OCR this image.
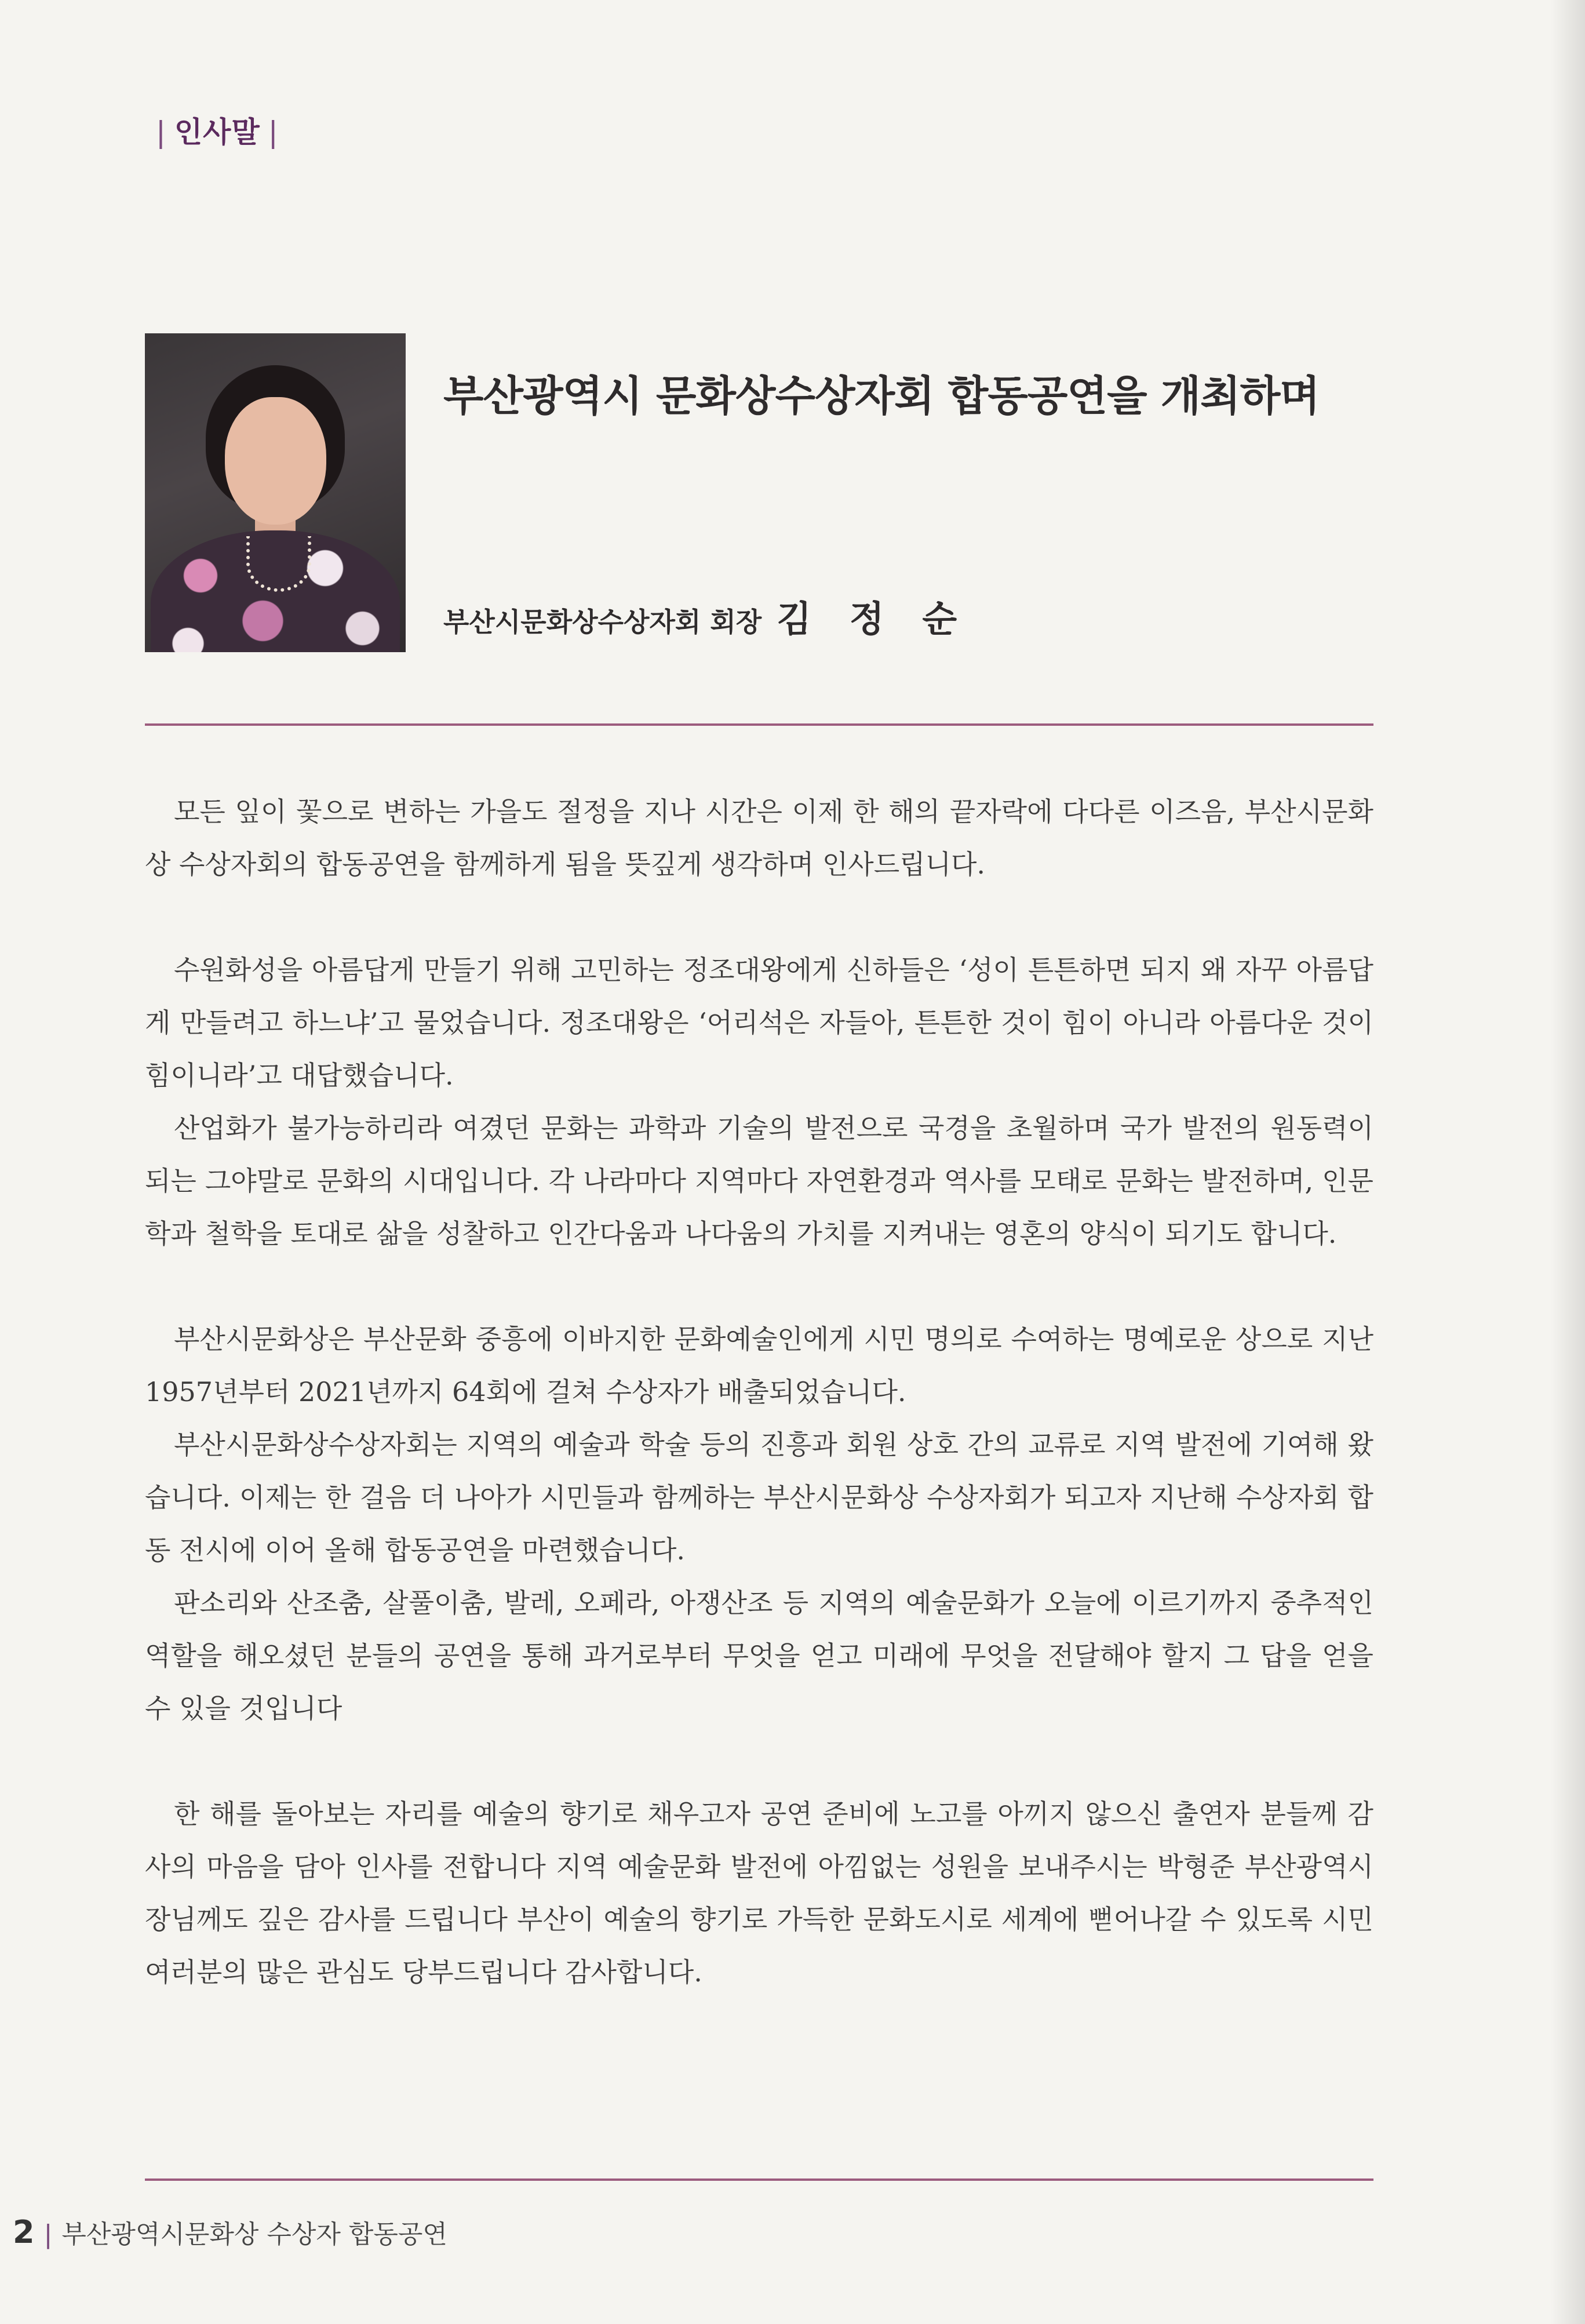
| 인사말 |
부산광역시 문화상수상자회 합동공연을 개최하며
부산시문화상수상자회 회장 김 정 순

모든 잎이 꽃으로 변하는 가을도 절정을 지나 시간은 이제 한 해의 끝자락에 다다른 이즈음, 부산시문화상 수상자회의 합동공연을 함께하게 됨을 뜻깊게 생각하며 인사드립니다.

수원화성을 아름답게 만들기 위해 고민하는 정조대왕에게 신하들은 ‘성이 튼튼하면 되지 왜 자꾸 아름답게 만들려고 하느냐’고 물었습니다. 정조대왕은 ‘어리석은 자들아, 튼튼한 것이 힘이 아니라 아름다운 것이 힘이니라’고 대답했습니다.

산업화가 불가능하리라 여겼던 문화는 과학과 기술의 발전으로 국경을 초월하며 국가 발전의 원동력이 되는 그야말로 문화의 시대입니다. 각 나라마다 지역마다 자연환경과 역사를 모태로 문화는 발전하며, 인문학과 철학을 토대로 삶을 성찰하고 인간다움과 나다움의 가치를 지켜내는 영혼의 양식이 되기도 합니다.

부산시문화상은 부산문화 중흥에 이바지한 문화예술인에게 시민 명의로 수여하는 명예로운 상으로 지난 1957년부터 2021년까지 64회에 걸쳐 수상자가 배출되었습니다.

부산시문화상수상자회는 지역의 예술과 학술 등의 진흥과 회원 상호 간의 교류로 지역 발전에 기여해 왔습니다. 이제는 한 걸음 더 나아가 시민들과 함께하는 부산시문화상 수상자회가 되고자 지난해 수상자회 합동 전시에 이어 올해 합동공연을 마련했습니다.

판소리와 산조춤, 살풀이춤, 발레, 오페라, 아쟁산조 등 지역의 예술문화가 오늘에 이르기까지 중추적인 역할을 해오셨던 분들의 공연을 통해 과거로부터 무엇을 얻고 미래에 무엇을 전달해야 할지 그 답을 얻을 수 있을 것입니다

한 해를 돌아보는 자리를 예술의 향기로 채우고자 공연 준비에 노고를 아끼지 않으신 출연자 분들께 감사의 마음을 담아 인사를 전합니다 지역 예술문화 발전에 아낌없는 성원을 보내주시는 박형준 부산광역시장님께도 깊은 감사를 드립니다 부산이 예술의 향기로 가득한 문화도시로 세계에 뻗어나갈 수 있도록 시민 여러분의 많은 관심도 당부드립니다 감사합니다.

2 | 부산광역시문화상 수상자 합동공연
